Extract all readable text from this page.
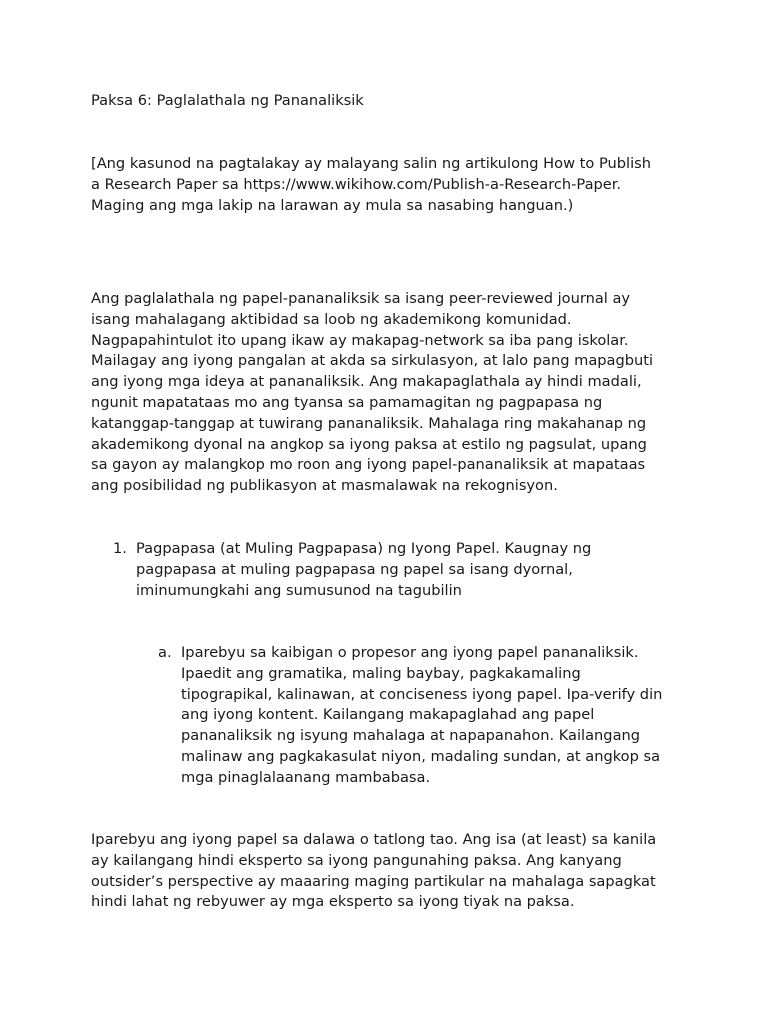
Paksa 6: Paglalathala ng Pananaliksik
[Ang kasunod na pagtalakay ay malayang salin ng artikulong How to Publish
a Research Paper sa https://www.wikihow.com/Publish-a-Research-Paper.
Maging ang mga lakip na larawan ay mula sa nasabing hanguan.)
Ang paglalathala ng papel-pananaliksik sa isang peer-reviewed journal ay
isang mahalagang aktibidad sa loob ng akademikong komunidad.
Nagpapahintulot ito upang ikaw ay makapag-network sa iba pang iskolar.
Mailagay ang iyong pangalan at akda sa sirkulasyon, at lalo pang mapagbuti
ang iyong mga ideya at pananaliksik. Ang makapaglathala ay hindi madali,
ngunit mapatataas mo ang tyansa sa pamamagitan ng pagpapasa ng
katanggap-tanggap at tuwirang pananaliksik. Mahalaga ring makahanap ng
akademikong dyonal na angkop sa iyong paksa at estilo ng pagsulat, upang
sa gayon ay malangkop mo roon ang iyong papel-pananaliksik at mapataas
ang posibilidad ng publikasyon at masmalawak na rekognisyon.
1. Pagpapasa (at Muling Pagpapasa) ng Iyong Papel. Kaugnay ng
pagpapasa at muling pagpapasa ng papel sa isang dyornal,
iminumungkahi ang sumusunod na tagubilin
a. Iparebyu sa kaibigan o propesor ang iyong papel pananaliksik.
Ipaedit ang gramatika, maling baybay, pagkakamaling
tipograpikal, kalinawan, at conciseness iyong papel. Ipa-verify din
ang iyong kontent. Kailangang makapaglahad ang papel
pananaliksik ng isyung mahalaga at napapanahon. Kailangang
malinaw ang pagkakasulat niyon, madaling sundan, at angkop sa
mga pinaglalaanang mambabasa.
Iparebyu ang iyong papel sa dalawa o tatlong tao. Ang isa (at least) sa kanila
ay kailangang hindi eksperto sa iyong pangunahing paksa. Ang kanyang
outsider’s perspective ay maaaring maging partikular na mahalaga sapagkat
hindi lahat ng rebyuwer ay mga eksperto sa iyong tiyak na paksa.
